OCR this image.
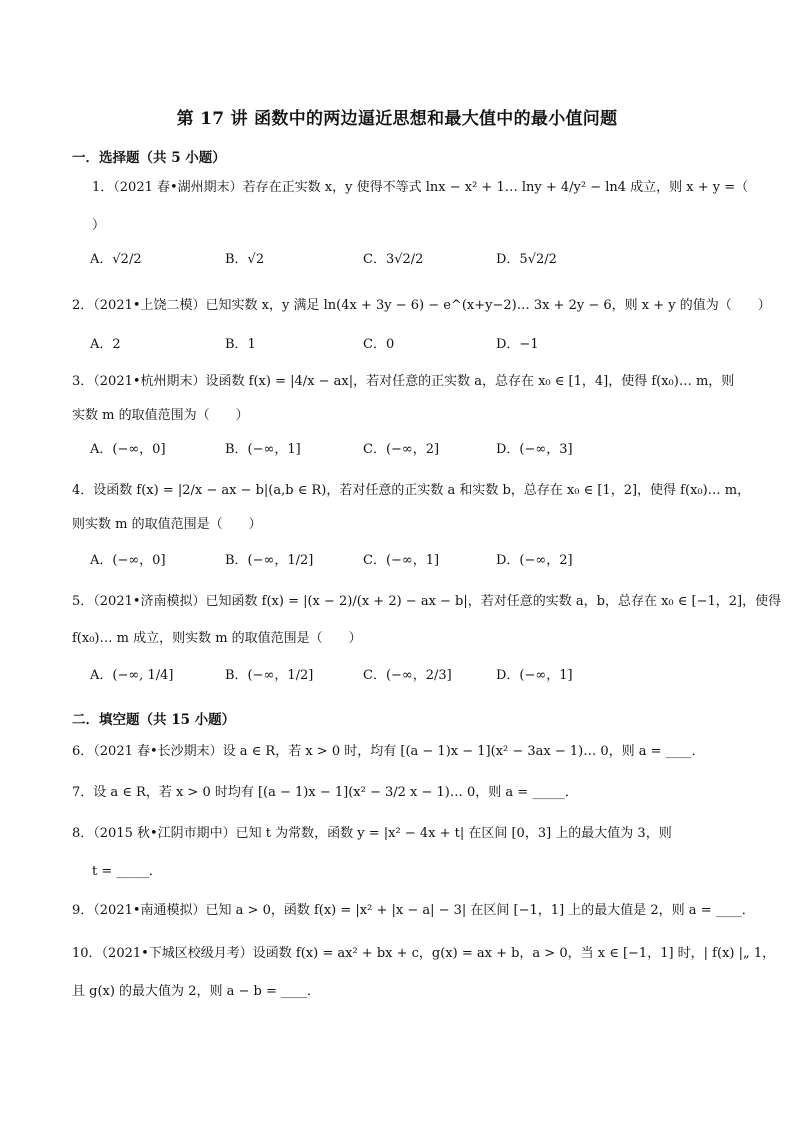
第 17 讲 函数中的两边逼近思想和最大值中的最小值问题
一．选择题（共 5 小题）
1．（2021 春•湖州期末）若存在正实数 x，y 使得不等式 lnx − x² + 1… lny + 4/y² − ln4 成立，则 x + y =（
）
A．√2/2	B．√2	C．3√2/2	D．5√2/2
2．（2021•上饶二模）已知实数 x，y 满足 ln(4x + 3y − 6) − e^(x+y−2)… 3x + 2y − 6，则 x + y 的值为（　　）
A．2	B．1	C．0	D．−1
3．（2021•杭州期末）设函数 f(x) = |4/x − ax|，若对任意的正实数 a，总存在 x₀ ∈ [1，4]，使得 f(x₀)… m，则
实数 m 的取值范围为（　　）
A．(−∞，0]	B．(−∞，1]	C．(−∞，2]	D．(−∞，3]
4．设函数 f(x) = |2/x − ax − b|(a,b ∈ R)，若对任意的正实数 a 和实数 b，总存在 x₀ ∈ [1，2]，使得 f(x₀)… m，
则实数 m 的取值范围是（　　）
A．(−∞，0]	B．(−∞，1/2]	C．(−∞，1]	D．(−∞，2]
5．（2021•济南模拟）已知函数 f(x) = |(x − 2)/(x + 2) − ax − b|，若对任意的实数 a，b，总存在 x₀ ∈ [−1，2]，使得
f(x₀)… m 成立，则实数 m 的取值范围是（　　）
A．(−∞, 1/4]	B．(−∞，1/2]	C．(−∞，2/3]	D．(−∞，1]
二．填空题（共 15 小题）
6．（2021 春•长沙期末）设 a ∈ R，若 x > 0 时，均有 [(a − 1)x − 1](x² − 3ax − 1)… 0，则 a = ____．
7．设 a ∈ R，若 x > 0 时均有 [(a − 1)x − 1](x² − 3/2 x − 1)… 0，则 a = _____．
8．（2015 秋•江阴市期中）已知 t 为常数，函数 y = |x² − 4x + t| 在区间 [0，3] 上的最大值为 3，则
t = _____．
9．（2021•南通模拟）已知 a > 0，函数 f(x) = |x² + |x − a| − 3| 在区间 [−1，1] 上的最大值是 2，则 a = ____．
10．（2021•下城区校级月考）设函数 f(x) = ax² + bx + c，g(x) = ax + b，a > 0，当 x ∈ [−1，1] 时，| f(x) |„ 1，
且 g(x) 的最大值为 2，则 a − b = ____．
